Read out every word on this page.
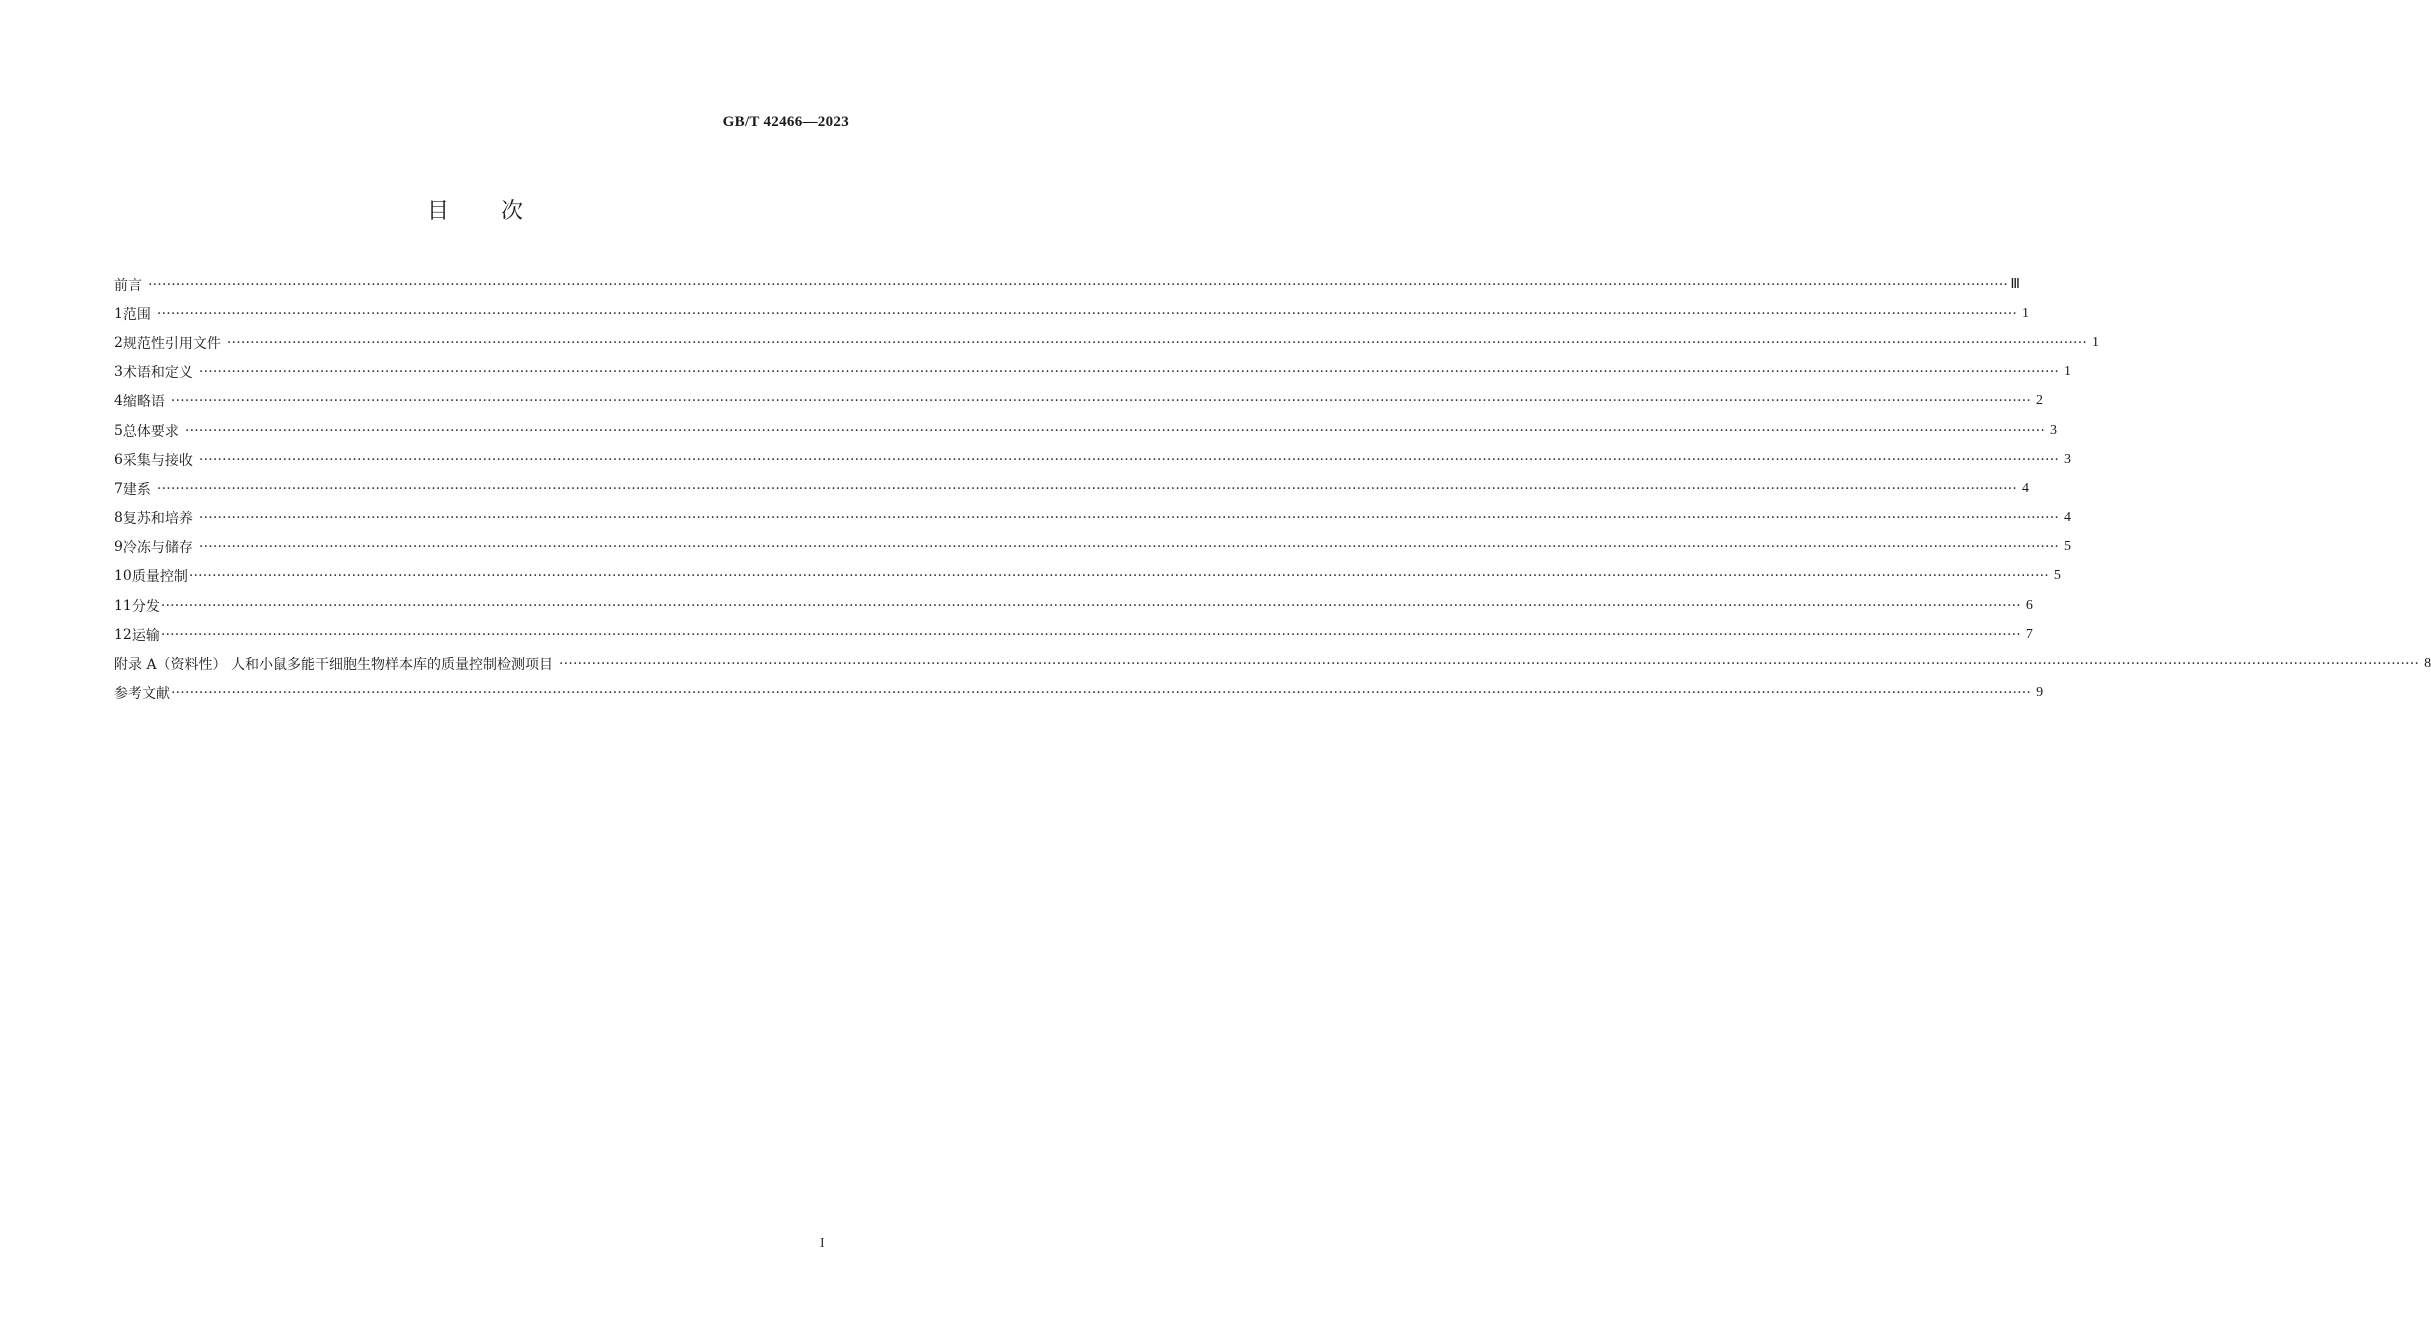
GB/T 42466—2023
目次
前言 ················································································································································································································································································································································································································ Ⅲ
1 范围 ················································································································································································································································································································································································································ 1
2 规范性引用文件 ················································································································································································································································································································································································································ 1
3 术语和定义 ················································································································································································································································································································································································································ 1
4 缩略语 ················································································································································································································································································································································································································ 2
5 总体要求 ················································································································································································································································································································································································································ 3
6 采集与接收 ················································································································································································································································································································································································································ 3
7 建系 ················································································································································································································································································································································································································ 4
8 复苏和培养 ················································································································································································································································································································································································································ 4
9 冷冻与储存 ················································································································································································································································································································································································································ 5
10 质量控制 ················································································································································································································································································································································································································ 5
11 分发 ················································································································································································································································································································································································································ 6
12 运输 ················································································································································································································································································································································································································ 7
附录 A（资料性） 人和小鼠多能干细胞生物样本库的质量控制检测项目 ················································································································································································································································································································································································································ 8
参考文献 ················································································································································································································································································································································································································ 9
I
